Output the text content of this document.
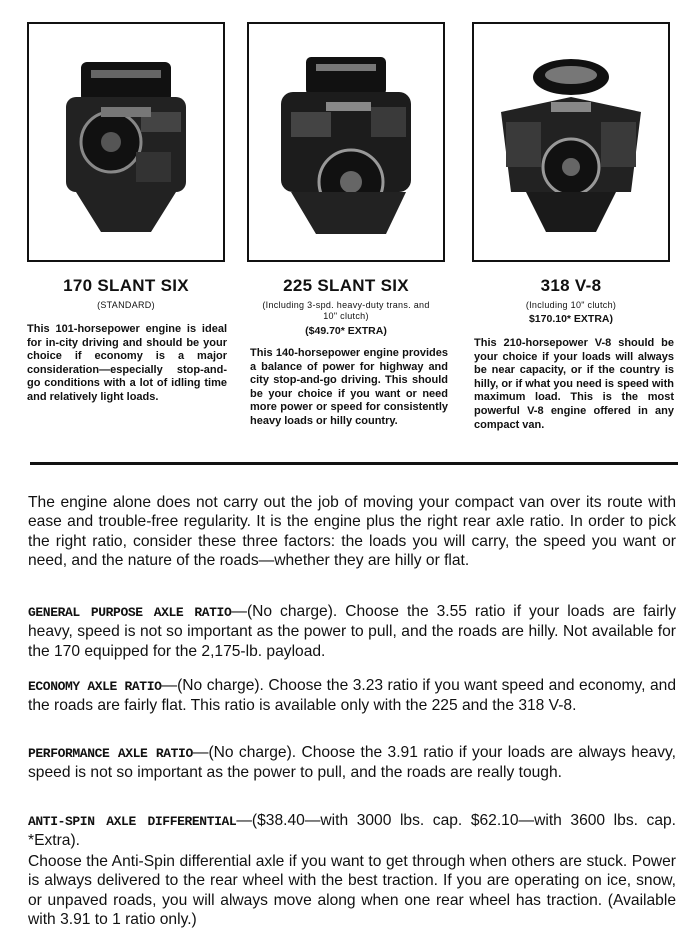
170 SLANT SIX
(STANDARD)
This 101-horsepower engine is ideal for in-city driving and should be your choice if economy is a major consideration—especially stop-and-go conditions with a lot of idling time and relatively light loads.
225 SLANT SIX
(Including 3-spd. heavy-duty trans. and 10" clutch)
($49.70* EXTRA)
This 140-horsepower engine provides a balance of power for highway and city stop-and-go driving. This should be your choice if you want or need more power or speed for consistently heavy loads or hilly country.
318 V-8
(Including 10" clutch)
$170.10* EXTRA)
This 210-horsepower V-8 should be your choice if your loads will always be near capacity, or if the country is hilly, or if what you need is speed with maximum load. This is the most powerful V-8 engine offered in any compact van.
The engine alone does not carry out the job of moving your compact van over its route with ease and trouble-free regularity. It is the engine plus the right rear axle ratio. In order to pick the right ratio, consider these three factors: the loads you will carry, the speed you want or need, and the nature of the roads—whether they are hilly or flat.
GENERAL PURPOSE AXLE RATIO—(No charge). Choose the 3.55 ratio if your loads are fairly heavy, speed is not so important as the power to pull, and the roads are hilly. Not available for the 170 equipped for the 2,175-lb. payload.
ECONOMY AXLE RATIO—(No charge). Choose the 3.23 ratio if you want speed and economy, and the roads are fairly flat. This ratio is available only with the 225 and the 318 V-8.
PERFORMANCE AXLE RATIO—(No charge). Choose the 3.91 ratio if your loads are always heavy, speed is not so important as the power to pull, and the roads are really tough.
ANTI-SPIN AXLE DIFFERENTIAL—($38.40—with 3000 lbs. cap. $62.10—with 3600 lbs. cap. *Extra).
Choose the Anti-Spin differential axle if you want to get through when others are stuck. Power is always delivered to the rear wheel with the best traction. If you are operating on ice, snow, or unpaved roads, you will always move along when one rear wheel has traction. (Available with 3.91 to 1 ratio only.)
